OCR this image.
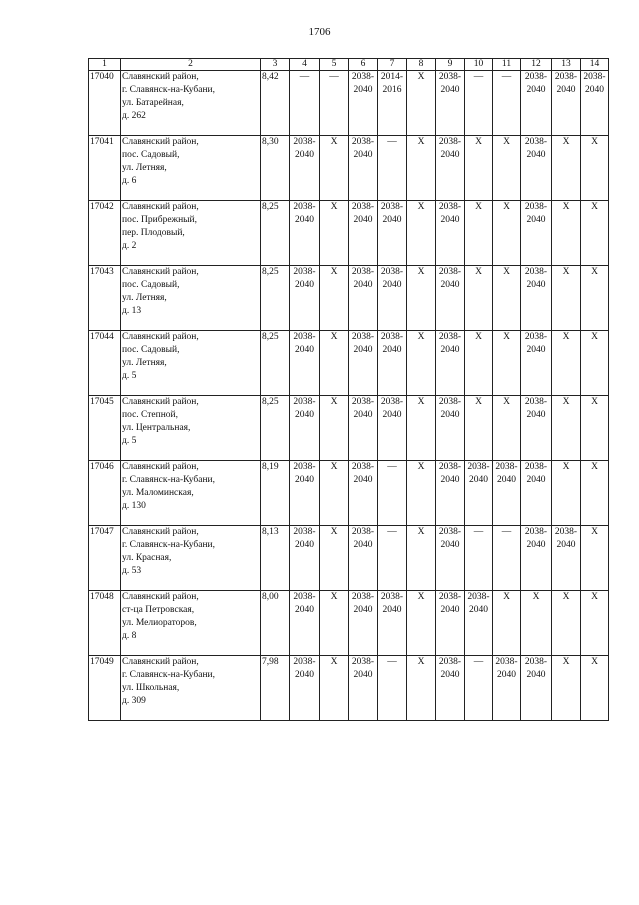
1706
1	2	3	4	5	6	7	8	9	10	11	12	13	14
17040	Славянский район,
г. Славянск-на-Кубани,
ул. Батарейная,
д. 262	8,42	—	—	2038-
2040	2014-
2016	X	2038-
2040	—	—	2038-
2040	2038-
2040	2038-
2040
17041	Славянский район,
пос. Садовый,
ул. Летняя,
д. 6	8,30	2038-
2040	X	2038-
2040	—	X	2038-
2040	X	X	2038-
2040	X	X
17042	Славянский район,
пос. Прибрежный,
пер. Плодовый,
д. 2	8,25	2038-
2040	X	2038-
2040	2038-
2040	X	2038-
2040	X	X	2038-
2040	X	X
17043	Славянский район,
пос. Садовый,
ул. Летняя,
д. 13	8,25	2038-
2040	X	2038-
2040	2038-
2040	X	2038-
2040	X	X	2038-
2040	X	X
17044	Славянский район,
пос. Садовый,
ул. Летняя,
д. 5	8,25	2038-
2040	X	2038-
2040	2038-
2040	X	2038-
2040	X	X	2038-
2040	X	X
17045	Славянский район,
пос. Степной,
ул. Центральная,
д. 5	8,25	2038-
2040	X	2038-
2040	2038-
2040	X	2038-
2040	X	X	2038-
2040	X	X
17046	Славянский район,
г. Славянск-на-Кубани,
ул. Маломинская,
д. 130	8,19	2038-
2040	X	2038-
2040	—	X	2038-
2040	2038-
2040	2038-
2040	2038-
2040	X	X
17047	Славянский район,
г. Славянск-на-Кубани,
ул. Красная,
д. 53	8,13	2038-
2040	X	2038-
2040	—	X	2038-
2040	—	—	2038-
2040	2038-
2040	X
17048	Славянский район,
ст-ца Петровская,
ул. Мелиораторов,
д. 8	8,00	2038-
2040	X	2038-
2040	2038-
2040	X	2038-
2040	2038-
2040	X	X	X	X
17049	Славянский район,
г. Славянск-на-Кубани,
ул. Школьная,
д. 309	7,98	2038-
2040	X	2038-
2040	—	X	2038-
2040	—	2038-
2040	2038-
2040	X	X
